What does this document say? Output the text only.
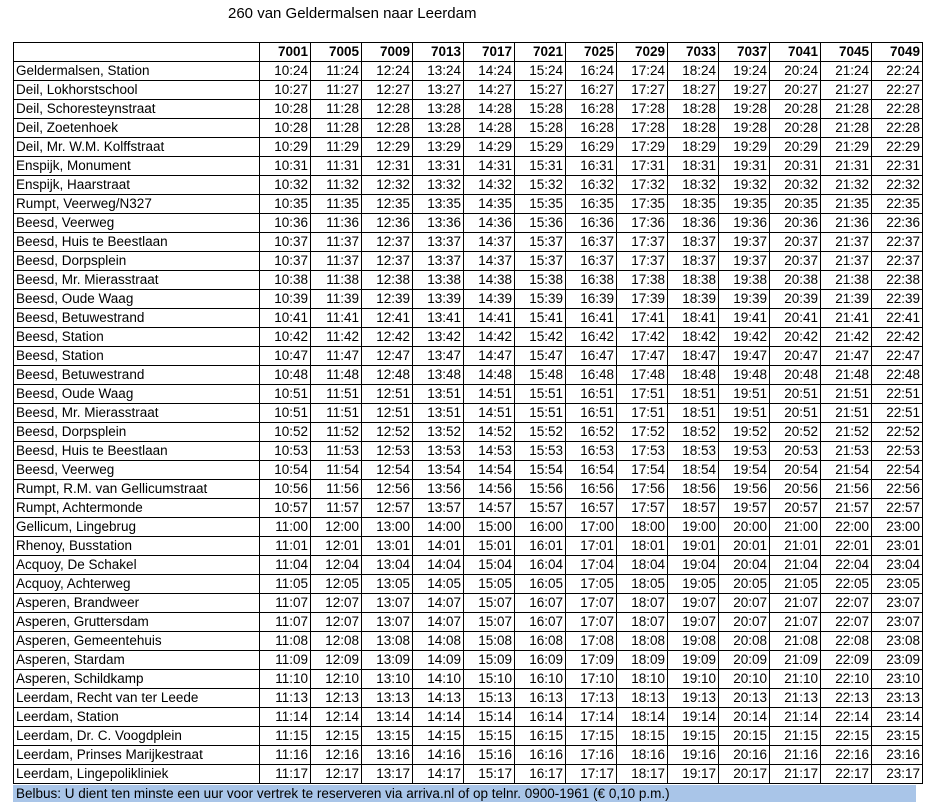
260 van Geldermalsen naar Leerdam
	7001	7005	7009	7013	7017	7021	7025	7029	7033	7037	7041	7045	7049
Geldermalsen, Station	10:24	11:24	12:24	13:24	14:24	15:24	16:24	17:24	18:24	19:24	20:24	21:24	22:24
Deil, Lokhorstschool	10:27	11:27	12:27	13:27	14:27	15:27	16:27	17:27	18:27	19:27	20:27	21:27	22:27
Deil, Schoresteynstraat	10:28	11:28	12:28	13:28	14:28	15:28	16:28	17:28	18:28	19:28	20:28	21:28	22:28
Deil, Zoetenhoek	10:28	11:28	12:28	13:28	14:28	15:28	16:28	17:28	18:28	19:28	20:28	21:28	22:28
Deil, Mr. W.M. Kolffstraat	10:29	11:29	12:29	13:29	14:29	15:29	16:29	17:29	18:29	19:29	20:29	21:29	22:29
Enspijk, Monument	10:31	11:31	12:31	13:31	14:31	15:31	16:31	17:31	18:31	19:31	20:31	21:31	22:31
Enspijk, Haarstraat	10:32	11:32	12:32	13:32	14:32	15:32	16:32	17:32	18:32	19:32	20:32	21:32	22:32
Rumpt, Veerweg/N327	10:35	11:35	12:35	13:35	14:35	15:35	16:35	17:35	18:35	19:35	20:35	21:35	22:35
Beesd, Veerweg	10:36	11:36	12:36	13:36	14:36	15:36	16:36	17:36	18:36	19:36	20:36	21:36	22:36
Beesd, Huis te Beestlaan	10:37	11:37	12:37	13:37	14:37	15:37	16:37	17:37	18:37	19:37	20:37	21:37	22:37
Beesd, Dorpsplein	10:37	11:37	12:37	13:37	14:37	15:37	16:37	17:37	18:37	19:37	20:37	21:37	22:37
Beesd, Mr. Mierasstraat	10:38	11:38	12:38	13:38	14:38	15:38	16:38	17:38	18:38	19:38	20:38	21:38	22:38
Beesd, Oude Waag	10:39	11:39	12:39	13:39	14:39	15:39	16:39	17:39	18:39	19:39	20:39	21:39	22:39
Beesd, Betuwestrand	10:41	11:41	12:41	13:41	14:41	15:41	16:41	17:41	18:41	19:41	20:41	21:41	22:41
Beesd, Station	10:42	11:42	12:42	13:42	14:42	15:42	16:42	17:42	18:42	19:42	20:42	21:42	22:42
Beesd, Station	10:47	11:47	12:47	13:47	14:47	15:47	16:47	17:47	18:47	19:47	20:47	21:47	22:47
Beesd, Betuwestrand	10:48	11:48	12:48	13:48	14:48	15:48	16:48	17:48	18:48	19:48	20:48	21:48	22:48
Beesd, Oude Waag	10:51	11:51	12:51	13:51	14:51	15:51	16:51	17:51	18:51	19:51	20:51	21:51	22:51
Beesd, Mr. Mierasstraat	10:51	11:51	12:51	13:51	14:51	15:51	16:51	17:51	18:51	19:51	20:51	21:51	22:51
Beesd, Dorpsplein	10:52	11:52	12:52	13:52	14:52	15:52	16:52	17:52	18:52	19:52	20:52	21:52	22:52
Beesd, Huis te Beestlaan	10:53	11:53	12:53	13:53	14:53	15:53	16:53	17:53	18:53	19:53	20:53	21:53	22:53
Beesd, Veerweg	10:54	11:54	12:54	13:54	14:54	15:54	16:54	17:54	18:54	19:54	20:54	21:54	22:54
Rumpt, R.M. van Gellicumstraat	10:56	11:56	12:56	13:56	14:56	15:56	16:56	17:56	18:56	19:56	20:56	21:56	22:56
Rumpt, Achtermonde	10:57	11:57	12:57	13:57	14:57	15:57	16:57	17:57	18:57	19:57	20:57	21:57	22:57
Gellicum, Lingebrug	11:00	12:00	13:00	14:00	15:00	16:00	17:00	18:00	19:00	20:00	21:00	22:00	23:00
Rhenoy, Busstation	11:01	12:01	13:01	14:01	15:01	16:01	17:01	18:01	19:01	20:01	21:01	22:01	23:01
Acquoy, De Schakel	11:04	12:04	13:04	14:04	15:04	16:04	17:04	18:04	19:04	20:04	21:04	22:04	23:04
Acquoy, Achterweg	11:05	12:05	13:05	14:05	15:05	16:05	17:05	18:05	19:05	20:05	21:05	22:05	23:05
Asperen, Brandweer	11:07	12:07	13:07	14:07	15:07	16:07	17:07	18:07	19:07	20:07	21:07	22:07	23:07
Asperen, Gruttersdam	11:07	12:07	13:07	14:07	15:07	16:07	17:07	18:07	19:07	20:07	21:07	22:07	23:07
Asperen, Gemeentehuis	11:08	12:08	13:08	14:08	15:08	16:08	17:08	18:08	19:08	20:08	21:08	22:08	23:08
Asperen, Stardam	11:09	12:09	13:09	14:09	15:09	16:09	17:09	18:09	19:09	20:09	21:09	22:09	23:09
Asperen, Schildkamp	11:10	12:10	13:10	14:10	15:10	16:10	17:10	18:10	19:10	20:10	21:10	22:10	23:10
Leerdam, Recht van ter Leede	11:13	12:13	13:13	14:13	15:13	16:13	17:13	18:13	19:13	20:13	21:13	22:13	23:13
Leerdam, Station	11:14	12:14	13:14	14:14	15:14	16:14	17:14	18:14	19:14	20:14	21:14	22:14	23:14
Leerdam, Dr. C. Voogdplein	11:15	12:15	13:15	14:15	15:15	16:15	17:15	18:15	19:15	20:15	21:15	22:15	23:15
Leerdam, Prinses Marijkestraat	11:16	12:16	13:16	14:16	15:16	16:16	17:16	18:16	19:16	20:16	21:16	22:16	23:16
Leerdam, Lingepolikliniek	11:17	12:17	13:17	14:17	15:17	16:17	17:17	18:17	19:17	20:17	21:17	22:17	23:17
Belbus: U dient ten minste een uur voor vertrek te reserveren via arriva.nl of op telnr. 0900-1961 (€ 0,10 p.m.)
